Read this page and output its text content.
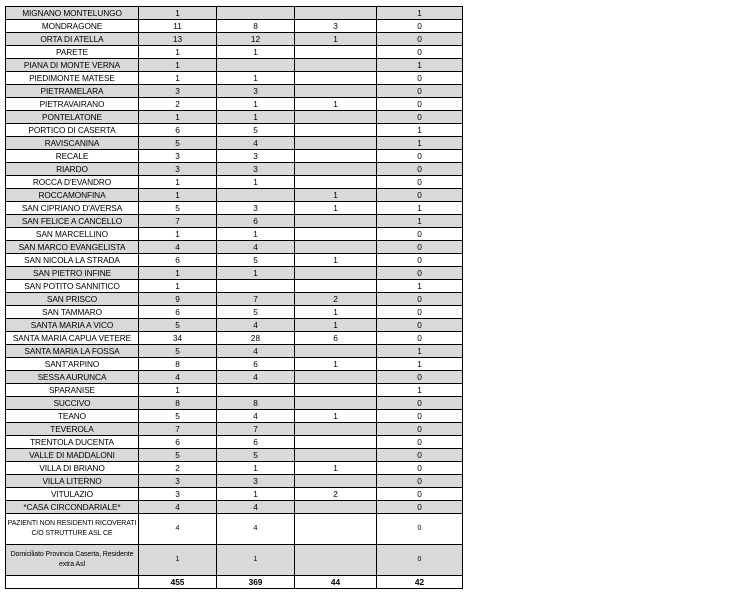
MIGNANO MONTELUNGO	1			1
MONDRAGONE	11	8	3	0
ORTA DI ATELLA	13	12	1	0
PARETE	1	1		0
PIANA DI MONTE VERNA	1			1
PIEDIMONTE MATESE	1	1		0
PIETRAMELARA	3	3		0
PIETRAVAIRANO	2	1	1	0
PONTELATONE	1	1		0
PORTICO DI CASERTA	6	5		1
RAVISCANINA	5	4		1
RECALE	3	3		0
RIARDO	3	3		0
ROCCA D'EVANDRO	1	1		0
ROCCAMONFINA	1		1	0
SAN CIPRIANO D'AVERSA	5	3	1	1
SAN FELICE A CANCELLO	7	6		1
SAN MARCELLINO	1	1		0
SAN MARCO EVANGELISTA	4	4		0
SAN NICOLA LA STRADA	6	5	1	0
SAN PIETRO INFINE	1	1		0
SAN POTITO SANNITICO	1			1
SAN PRISCO	9	7	2	0
SAN TAMMARO	6	5	1	0
SANTA MARIA A VICO	5	4	1	0
SANTA MARIA CAPUA VETERE	34	28	6	0
SANTA MARIA LA FOSSA	5	4		1
SANT'ARPINO	8	6	1	1
SESSA AURUNCA	4	4		0
SPARANISE	1			1
SUCCIVO	8	8		0
TEANO	5	4	1	0
TEVEROLA	7	7		0
TRENTOLA DUCENTA	6	6		0
VALLE DI MADDALONI	5	5		0
VILLA DI BRIANO	2	1	1	0
VILLA LITERNO	3	3		0
VITULAZIO	3	1	2	0
*CASA CIRCONDARIALE*	4	4		0
PAZIENTI NON RESIDENTI RICOVERATI C/O STRUTTURE ASL CE	4	4		0
Domiciliato Provincia Caserta, Residente extra Asl	1	1		0
	455	369	44	42
